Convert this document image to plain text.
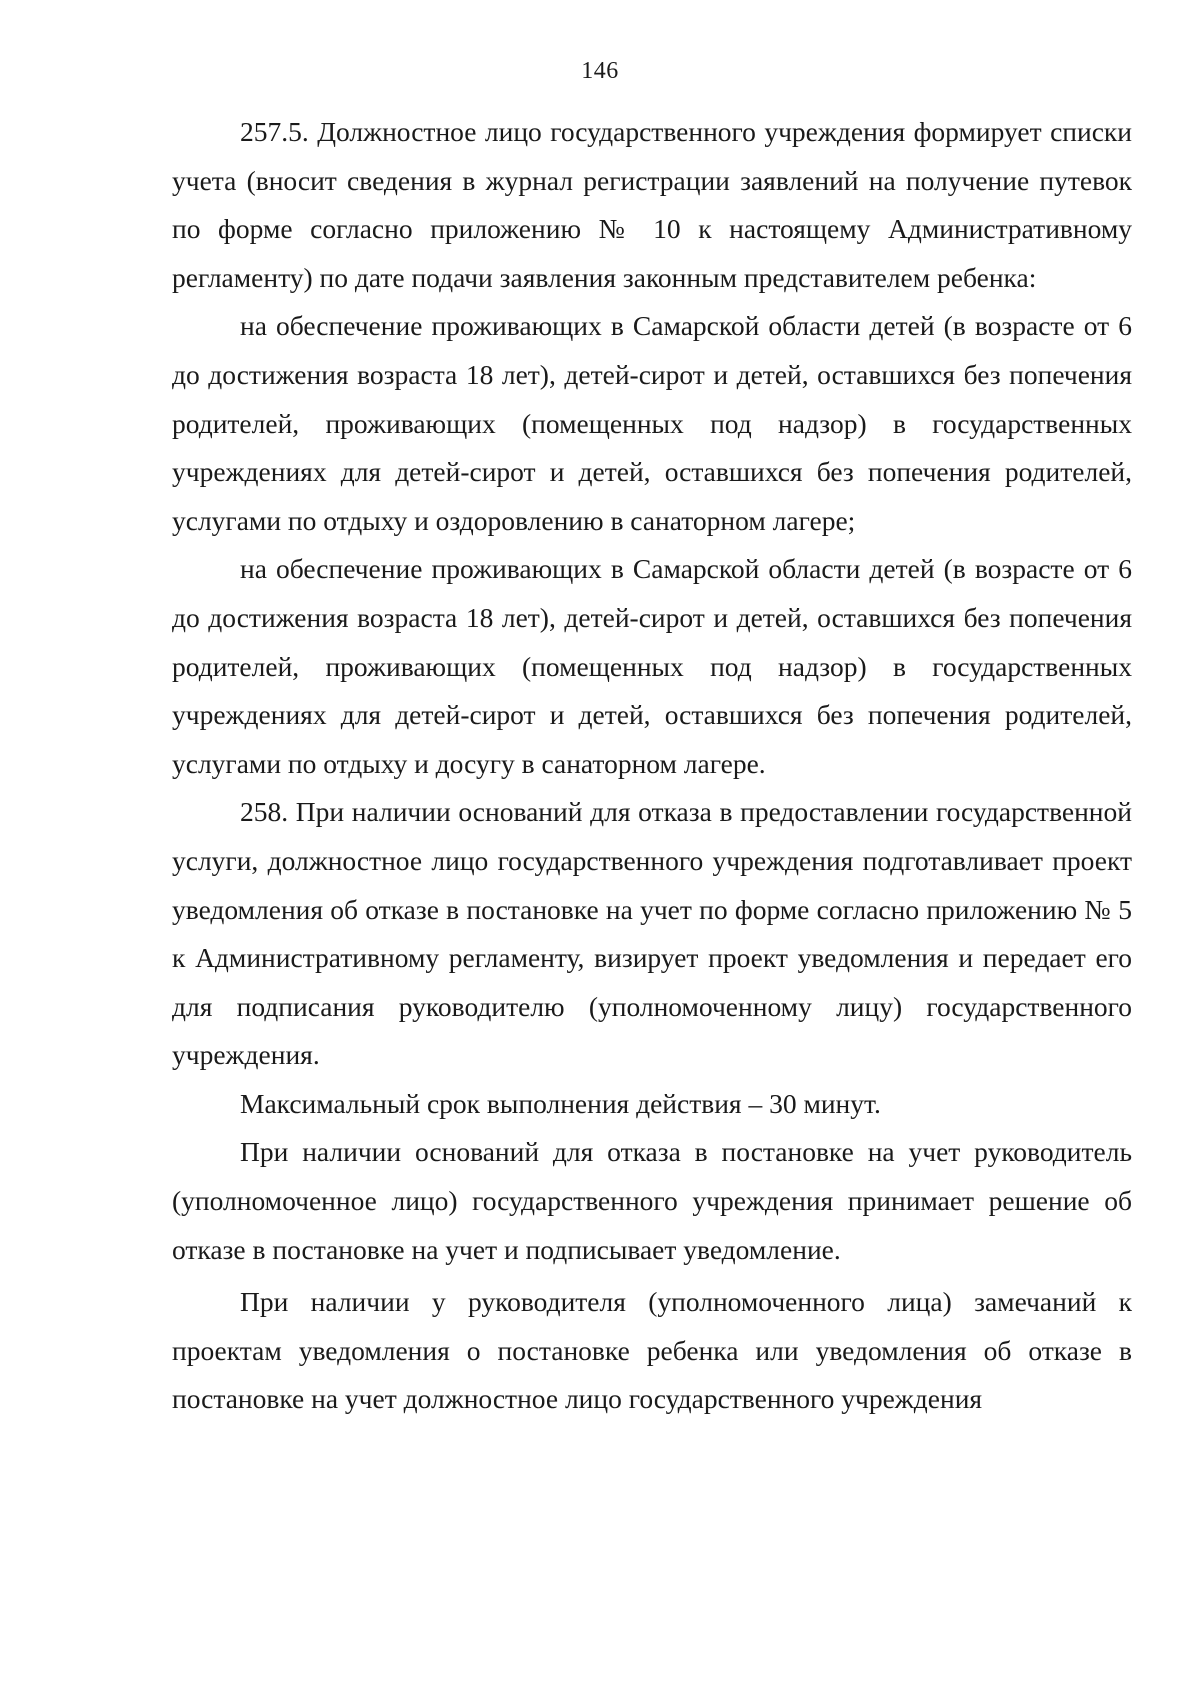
146

257.5. Должностное лицо государственного учреждения формирует списки учета (вносит сведения в журнал регистрации заявлений на получение путевок по форме согласно приложению № 10 к настоящему Административному регламенту) по дате подачи заявления законным представителем ребенка:

на обеспечение проживающих в Самарской области детей (в возрасте от 6 до достижения возраста 18 лет), детей-сирот и детей, оставшихся без попечения родителей, проживающих (помещенных под надзор) в государственных учреждениях для детей-сирот и детей, оставшихся без попечения родителей, услугами по отдыху и оздоровлению в санаторном лагере;

на обеспечение проживающих в Самарской области детей (в возрасте от 6 до достижения возраста 18 лет), детей-сирот и детей, оставшихся без попечения родителей, проживающих (помещенных под надзор) в государственных учреждениях для детей-сирот и детей, оставшихся без попечения родителей, услугами по отдыху и досугу в санаторном лагере.

258. При наличии оснований для отказа в предоставлении государственной услуги, должностное лицо государственного учреждения подготавливает проект уведомления об отказе в постановке на учет по форме согласно приложению № 5 к Административному регламенту, визирует проект уведомления и передает его для подписания руководителю (уполномоченному лицу) государственного учреждения.

Максимальный срок выполнения действия – 30 минут.

При наличии оснований для отказа в постановке на учет руководитель (уполномоченное лицо) государственного учреждения принимает решение об отказе в постановке на учет и подписывает уведомление.

При наличии у руководителя (уполномоченного лица) замечаний к проектам уведомления о постановке ребенка или уведомления об отказе в постановке на учет должностное лицо государственного учреждения
